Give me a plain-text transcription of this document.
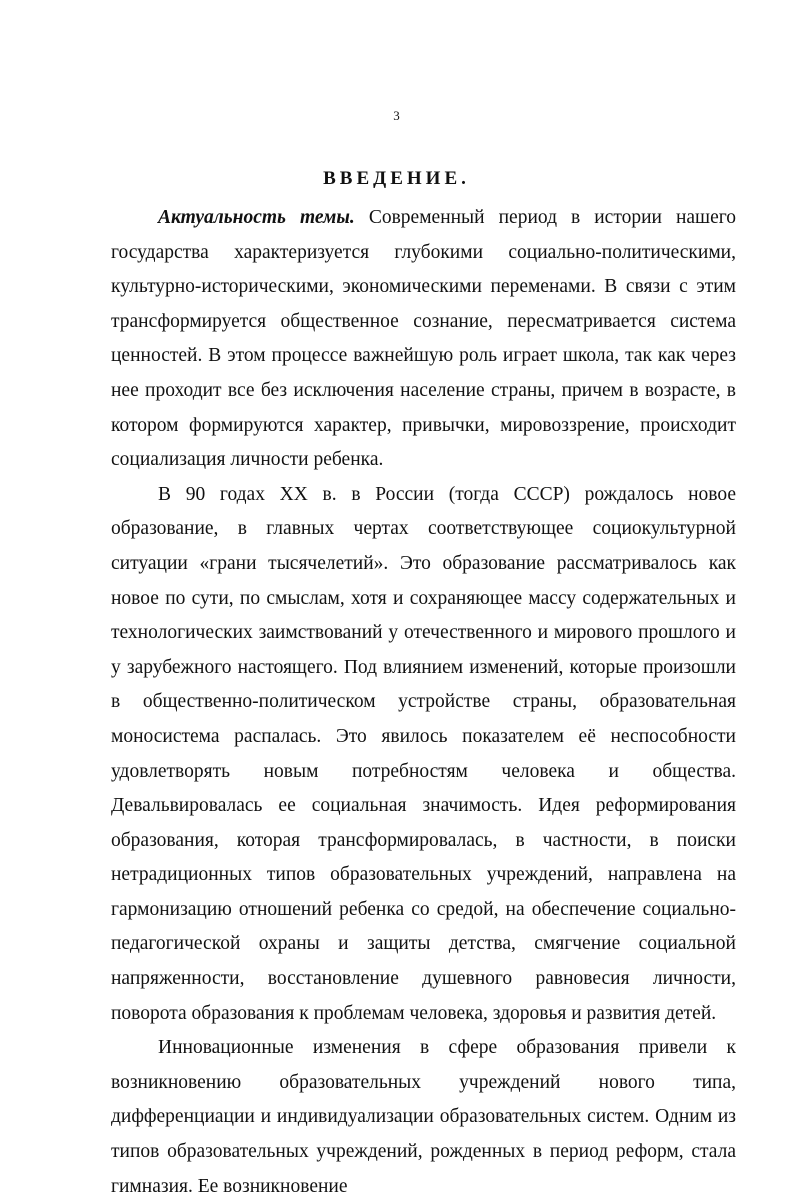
3
ВВЕДЕНИЕ.

Актуальность темы. Современный период в истории нашего государства характеризуется глубокими социально-политическими, культурно-историческими, экономическими переменами. В связи с этим трансформируется общественное сознание, пересматривается система ценностей. В этом процессе важнейшую роль играет школа, так как через нее проходит все без исключения население страны, причем в возрасте, в котором формируются характер, привычки, мировоззрение, происходит социализация личности ребенка.

В 90 годах XX в. в России (тогда СССР) рождалось новое образование, в главных чертах соответствующее социокультурной ситуации «грани тысячелетий». Это образование рассматривалось как новое по сути, по смыслам, хотя и сохраняющее массу содержательных и технологических заимствований у отечественного и мирового прошлого и у зарубежного настоящего. Под влиянием изменений, которые произошли в общественно-политическом устройстве страны, образовательная моносистема распалась. Это явилось показателем её неспособности удовлетворять новым потребностям человека и общества. Девальвировалась ее социальная значимость. Идея реформирования образования, которая трансформировалась, в частности, в поиски нетрадиционных типов образовательных учреждений, направлена на гармонизацию отношений ребенка со средой, на обеспечение социально-педагогической охраны и защиты детства, смягчение социальной напряженности, восстановление душевного равновесия личности, поворота образования к проблемам человека, здоровья и развития детей.

Инновационные изменения в сфере образования привели к возникновению образовательных учреждений нового типа, дифференциации и индивидуализации образовательных систем. Одним из типов образовательных учреждений, рожденных в период реформ, стала гимназия. Ее возникновение
